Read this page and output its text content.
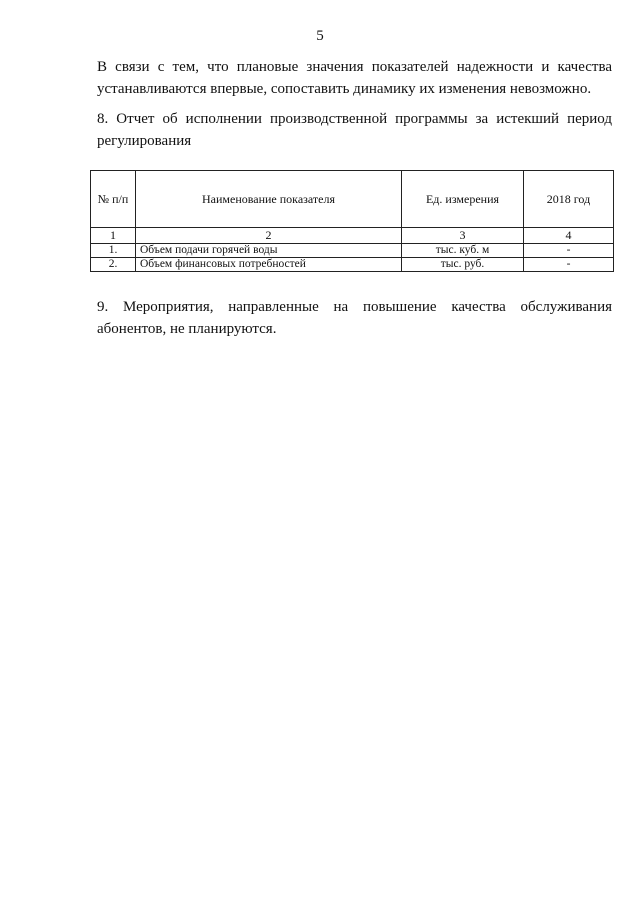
5

В связи с тем, что плановые значения показателей надежности и качества
устанавливаются впервые, сопоставить динамику их изменения невозможно.

8. Отчет об исполнении производственной программы за истекший период
регулирования

№ п/п	Наименование показателя	Ед. измерения	2018 год
1	2	3	4
1.	Объем подачи горячей воды	тыс. куб. м	-
2.	Объем финансовых потребностей	тыс. руб.	-

9. Мероприятия, направленные на повышение качества обслуживания
абонентов, не планируются.
